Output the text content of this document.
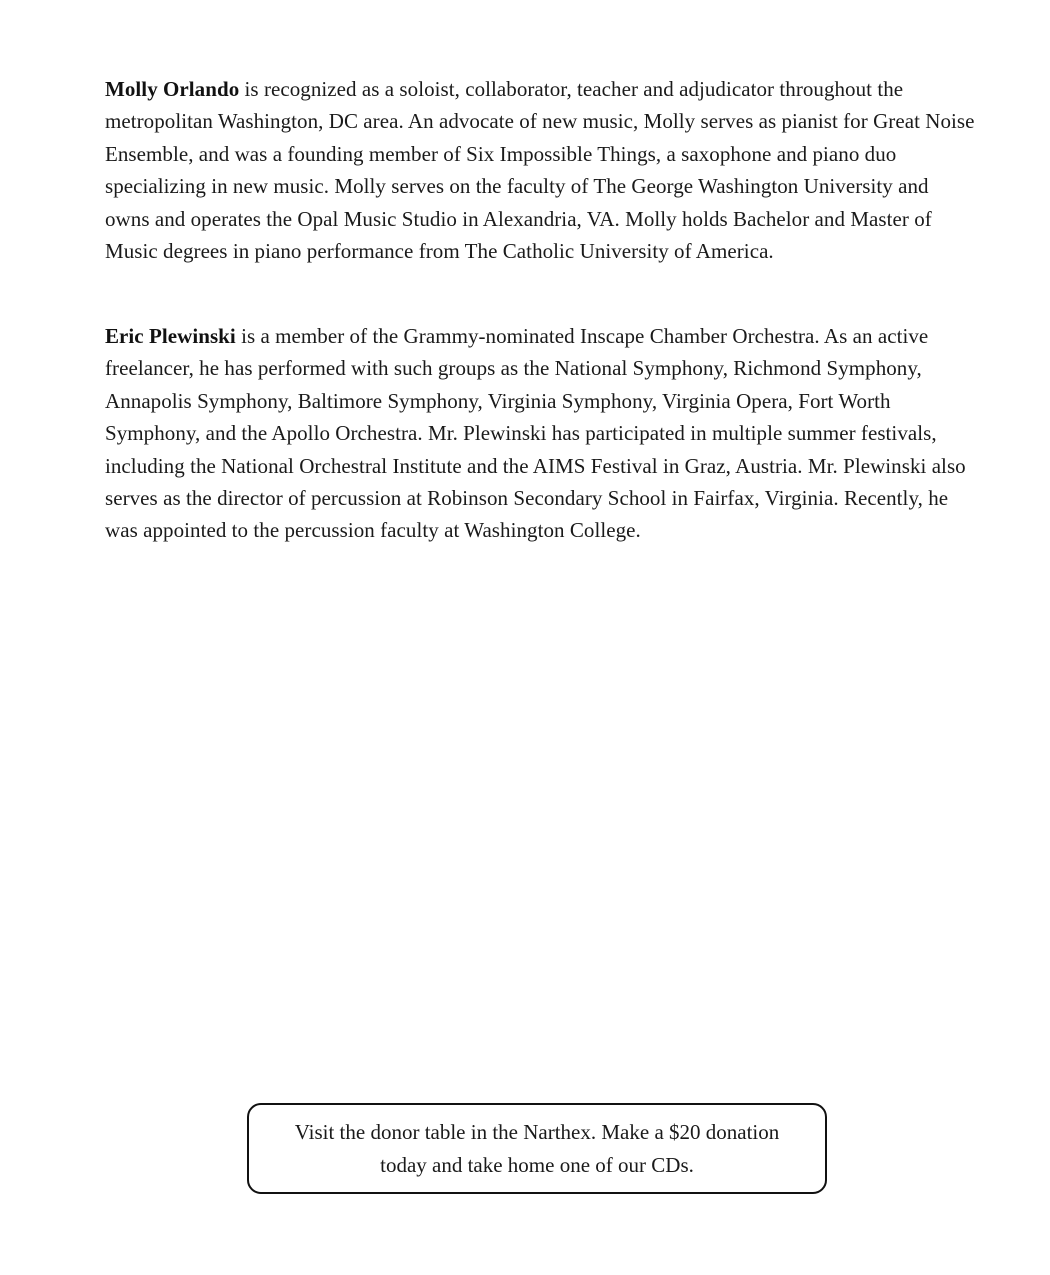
Molly Orlando is recognized as a soloist, collaborator, teacher and adjudicator throughout the metropolitan Washington, DC area. An advocate of new music, Molly serves as pianist for Great Noise Ensemble, and was a founding member of Six Impossible Things, a saxophone and piano duo specializing in new music. Molly serves on the faculty of The George Washington University and owns and operates the Opal Music Studio in Alexandria, VA. Molly holds Bachelor and Master of Music degrees in piano performance from The Catholic University of America.

Eric Plewinski is a member of the Grammy-nominated Inscape Chamber Orchestra. As an active freelancer, he has performed with such groups as the National Symphony, Richmond Symphony, Annapolis Symphony, Baltimore Symphony, Virginia Symphony, Virginia Opera, Fort Worth Symphony, and the Apollo Orchestra. Mr. Plewinski has participated in multiple summer festivals, including the National Orchestral Institute and the AIMS Festival in Graz, Austria. Mr. Plewinski also serves as the director of percussion at Robinson Secondary School in Fairfax, Virginia. Recently, he was appointed to the percussion faculty at Washington College.

Visit the donor table in the Narthex. Make a $20 donation today and take home one of our CDs.
